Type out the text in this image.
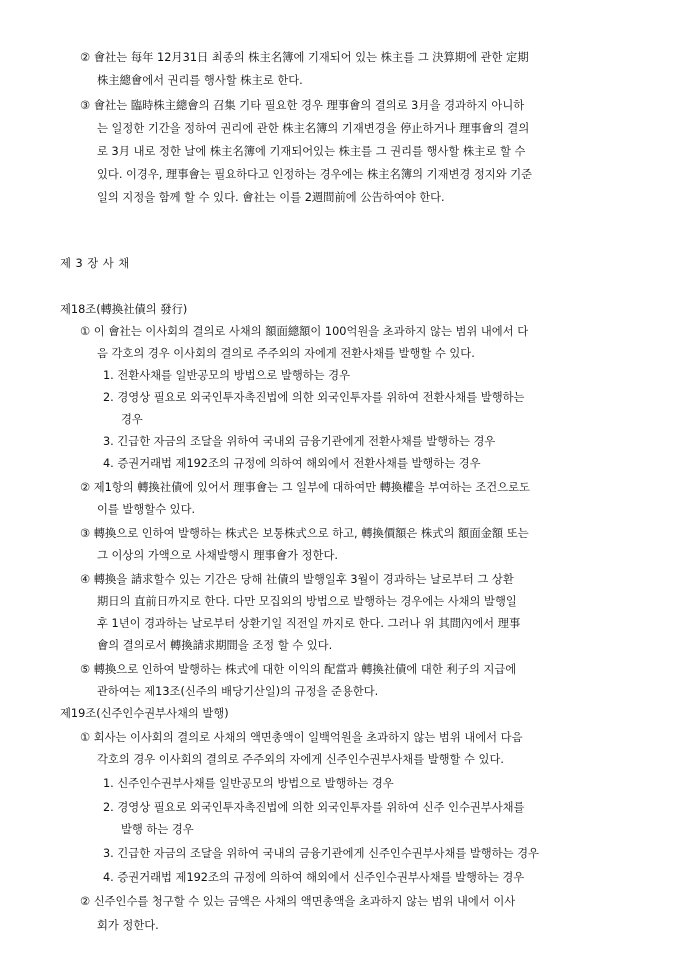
② 會社는 每年 12月31日 최종의 株主名簿에 기재되어 있는 株主를 그 決算期에 관한 定期
株主總會에서 권리를 행사할 株主로 한다.
③ 會社는 臨時株主總會의 召集 기타 필요한 경우 理事會의 결의로 3月을 경과하지 아니하
는 일정한 기간을 정하여 권리에 관한 株主名簿의 기재변경을 停止하거나 理事會의 결의
로 3月 내로 정한 날에 株主名簿에 기재되어있는 株主를 그 권리를 행사할 株主로 할 수
있다. 이경우, 理事會는 필요하다고 인정하는 경우에는 株主名簿의 기재변경 정지와 기준
일의 지정을 함께 할 수 있다. 會社는 이를 2週間前에 公告하여야 한다.
제 3 장 사 채
제18조(轉換社債의 發行)
① 이 會社는 이사회의 결의로 사채의 額面總額이 100억원을 초과하지 않는 범위 내에서 다
음 각호의 경우 이사회의 결의로 주주외의 자에게 전환사채를 발행할 수 있다.
1. 전환사채를 일반공모의 방법으로 발행하는 경우
2. 경영상 필요로 외국인투자촉진법에 의한 외국인투자를 위하여 전환사채를 발행하는
경우
3. 긴급한 자금의 조달을 위하여 국내외 금융기관에게 전환사채를 발행하는 경우
4. 증권거래법 제192조의 규정에 의하여 해외에서 전환사채를 발행하는 경우
② 제1항의 轉換社債에 있어서 理事會는 그 일부에 대하여만 轉換權을 부여하는 조건으로도
이를 발행할수 있다.
③ 轉換으로 인하여 발행하는 株式은 보통株式으로 하고, 轉換價額은 株式의 額面金額 또는
그 이상의 가액으로 사채발행시 理事會가 정한다.
④ 轉換을 請求할수 있는 기간은 당해 社債의 발행일후 3월이 경과하는 날로부터 그 상환
期日의 直前日까지로 한다. 다만 모집외의 방법으로 발행하는 경우에는 사채의 발행일
후 1년이 경과하는 날로부터 상환기일 직전일 까지로 한다. 그러나 위 其間內에서 理事
會의 결의로서 轉換請求期間을 조정 할 수 있다.
⑤ 轉換으로 인하여 발행하는 株式에 대한 이익의 配當과 轉換社債에 대한 利子의 지급에
관하여는 제13조(신주의 배당기산일)의 규정을 준용한다.
제19조(신주인수권부사채의 발행)
① 회사는 이사회의 결의로 사채의 액면총액이 일백억원을 초과하지 않는 범위 내에서 다음
각호의 경우 이사회의 결의로 주주외의 자에게 신주인수권부사채를 발행할 수 있다.
1. 신주인수권부사채를 일반공모의 방법으로 발행하는 경우
2. 경영상 필요로 외국인투자촉진법에 의한 외국인투자를 위하여 신주 인수권부사채를
발행 하는 경우
3. 긴급한 자금의 조달을 위하여 국내의 금융기관에게 신주인수권부사채를 발행하는 경우
4. 증권거래법 제192조의 규정에 의하여 해외에서 신주인수권부사채를 발행하는 경우
② 신주인수를 청구할 수 있는 금액은 사채의 액면총액을 초과하지 않는 범위 내에서 이사
회가 정한다.
